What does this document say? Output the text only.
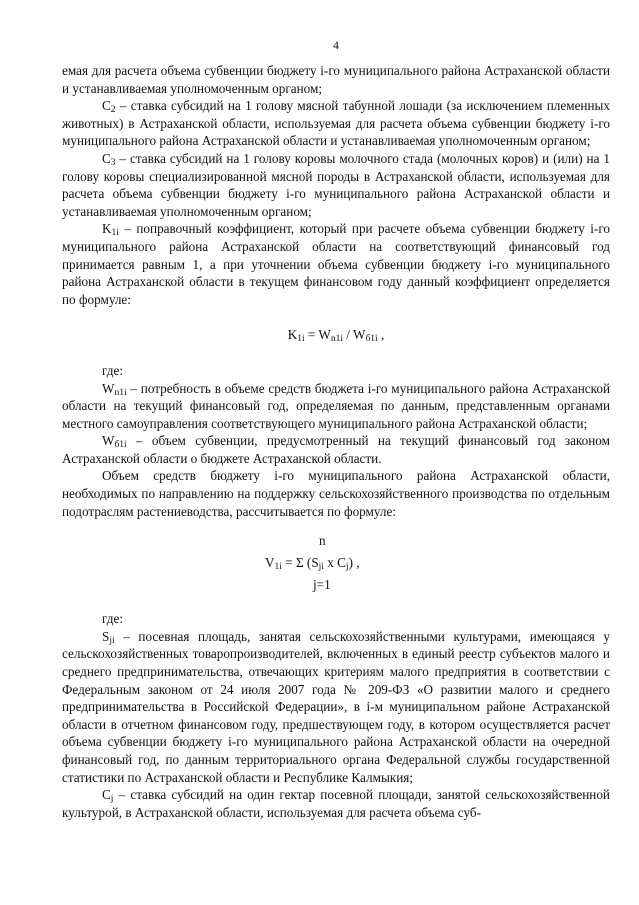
4

емая для расчета объема субвенции бюджету i-го муниципального района Астраханской области и устанавливаемая уполномоченным органом;

$C_2$ – ставка субсидий на 1 голову мясной табунной лошади (за исключением племенных животных) в Астраханской области, используемая для расчета объема субвенции бюджету i-го муниципального района Астраханской области и устанавливаемая уполномоченным органом;

$C_3$ – ставка субсидий на 1 голову коровы молочного стада (молочных коров) и (или) на 1 голову коровы специализированной мясной породы в Астраханской области, используемая для расчета объема субвенции бюджету i-го муниципального района Астраханской области и устанавливаемая уполномоченным органом;

$K_{1i}$ – поправочный коэффициент, который при расчете объема субвенции бюджету i-го муниципального района Астраханской области на соответствующий финансовый год принимается равным 1, а при уточнении объема субвенции бюджету i-го муниципального района Астраханской области в текущем финансовом году данный коэффициент определяется по формуле:

$K_{1i} = W_{n1i} / W_{б1i}$ ,

где:

$W_{n1i}$ – потребность в объеме средств бюджета i-го муниципального района Астраханской области на текущий финансовый год, определяемая по данным, представленным органами местного самоуправления соответствующего муниципального района Астраханской области;

$W_{б1i}$ – объем субвенции, предусмотренный на текущий финансовый год законом Астраханской области о бюджете Астраханской области.

Объем средств бюджету i-го муниципального района Астраханской области, необходимых по направлению на поддержку сельскохозяйственного производства по отдельным подотраслям растениеводства, рассчитывается по формуле:

n
$V_{1i} = \Sigma$ ($S_{ji}$ x $C_j$) ,
j=1

где:

$S_{ji}$ – посевная площадь, занятая сельскохозяйственными культурами, имеющаяся у сельскохозяйственных товаропроизводителей, включенных в единый реестр субъектов малого и среднего предпринимательства, отвечающих критериям малого предприятия в соответствии с Федеральным законом от 24 июля 2007 года № 209-ФЗ «О развитии малого и среднего предпринимательства в Российской Федерации», в i-м муниципальном районе Астраханской области в отчетном финансовом году, предшествующем году, в котором осуществляется расчет объема субвенции бюджету i-го муниципального района Астраханской области на очередной финансовый год, по данным территориального органа Федеральной службы государственной статистики по Астраханской области и Республике Калмыкия;

$C_j$ – ставка субсидий на один гектар посевной площади, занятой сельскохозяйственной культурой, в Астраханской области, используемая для расчета объема суб-
